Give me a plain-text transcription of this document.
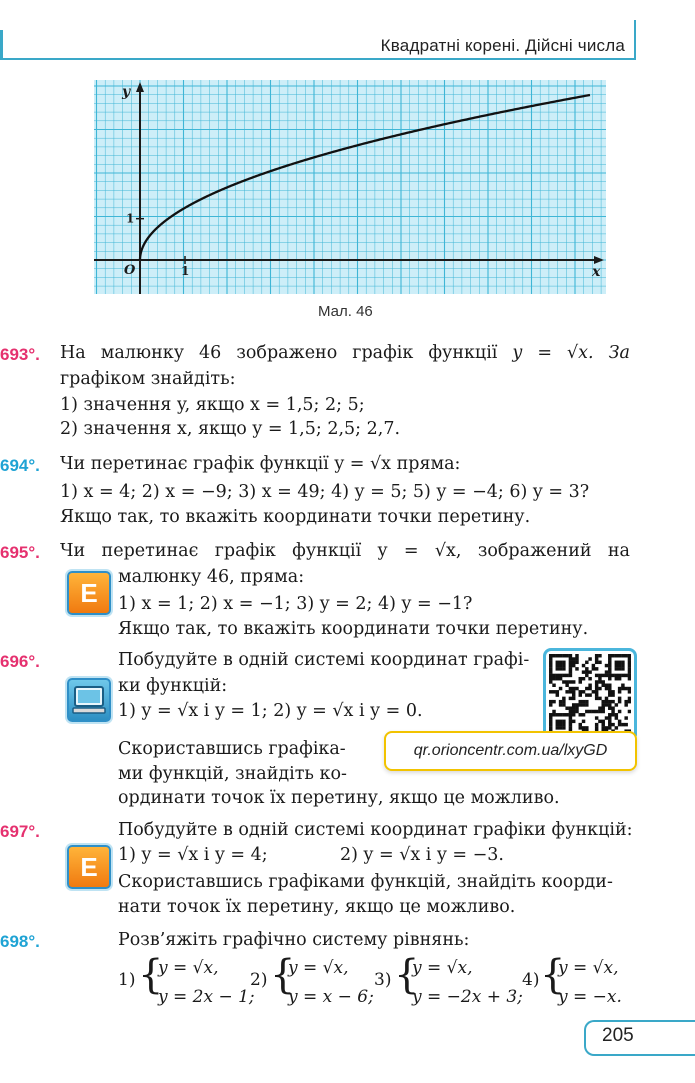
Квадратні корені. Дійсні числа
y
x
O	1
1
Мал. 46
693°. На малюнку 46 зображено графік функції y = √x. За
графіком знайдіть:
1) значення y, якщо x = 1,5; 2; 5;
2) значення x, якщо y = 1,5; 2,5; 2,7.
694°. Чи перетинає графік функції y = √x пряма:
1) x = 4; 2) x = −9; 3) x = 49; 4) y = 5; 5) y = −4; 6) y = 3?
Якщо так, то вкажіть координати точки перетину.
695°. Чи перетинає графік функції y = √x, зображений на
E
малюнку 46, пряма:
1) x = 1; 2) x = −1; 3) y = 2; 4) y = −1?
Якщо так, то вкажіть координати точки перетину.
696°.	Побудуйте в одній системі координат графі-
ки функцій:
1) y = √x і y = 1; 2) y = √x і y = 0.
qr.orioncentr.com.ua/lxyGD
Скориставшись графіка-
ми функцій, знайдіть ко-
ординати точок їх перетину, якщо це можливо.
697°.	Побудуйте в одній системі координат графіки функцій:
E	1) y = √x і y = 4;	2) y = √x і y = −3.
Скориставшись графіками функцій, знайдіть коорди-
нати точок їх перетину, якщо це можливо.
698°.	Розв’яжіть графічно систему рівнянь:
1) {
y = √x,
y = 2x − 1;
2) {
y = √x,
y = x − 6;
3) {
y = √x,
y = −2x + 3;
4) {
y = √x,
y = −x.
205
